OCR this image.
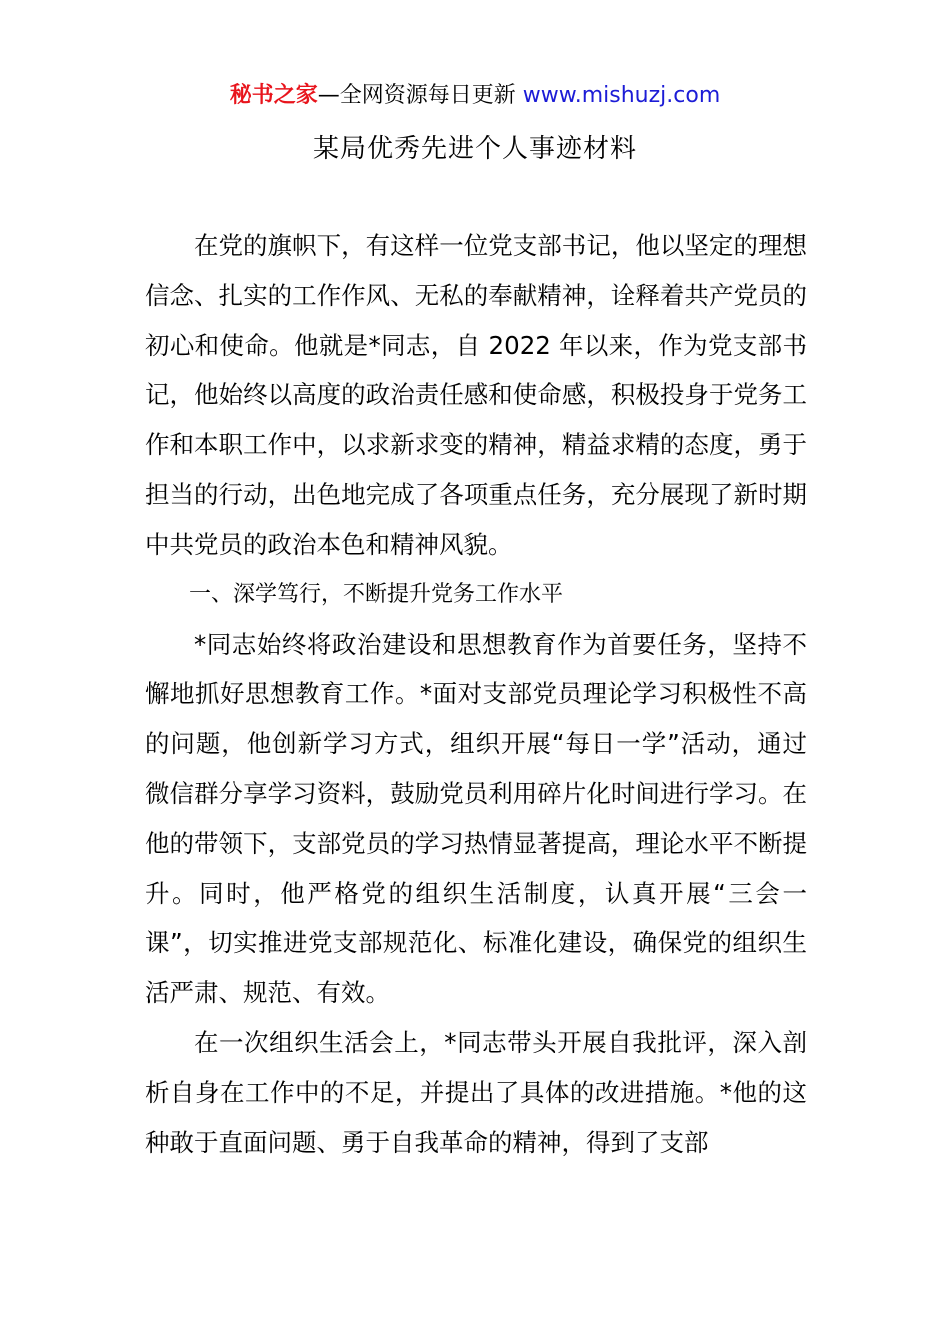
秘书之家—全网资源每日更新 www.mishuzj.com
某局优秀先进个人事迹材料

在党的旗帜下，有这样一位党支部书记，他以坚定的理想信念、扎实的工作作风、无私的奉献精神，诠释着共产党员的初心和使命。他就是*同志，自 2022 年以来，作为党支部书记，他始终以高度的政治责任感和使命感，积极投身于党务工作和本职工作中，以求新求变的精神，精益求精的态度，勇于担当的行动，出色地完成了各项重点任务，充分展现了新时期中共党员的政治本色和精神风貌。

一、深学笃行，不断提升党务工作水平

*同志始终将政治建设和思想教育作为首要任务，坚持不懈地抓好思想教育工作。*面对支部党员理论学习积极性不高的问题，他创新学习方式，组织开展“每日一学”活动，通过微信群分享学习资料，鼓励党员利用碎片化时间进行学习。在他的带领下，支部党员的学习热情显著提高，理论水平不断提升。同时，他严格党的组织生活制度，认真开展“三会一课”，切实推进党支部规范化、标准化建设，确保党的组织生活严肃、规范、有效。

在一次组织生活会上，*同志带头开展自我批评，深入剖析自身在工作中的不足，并提出了具体的改进措施。*他的这种敢于直面问题、勇于自我革命的精神，得到了支部
